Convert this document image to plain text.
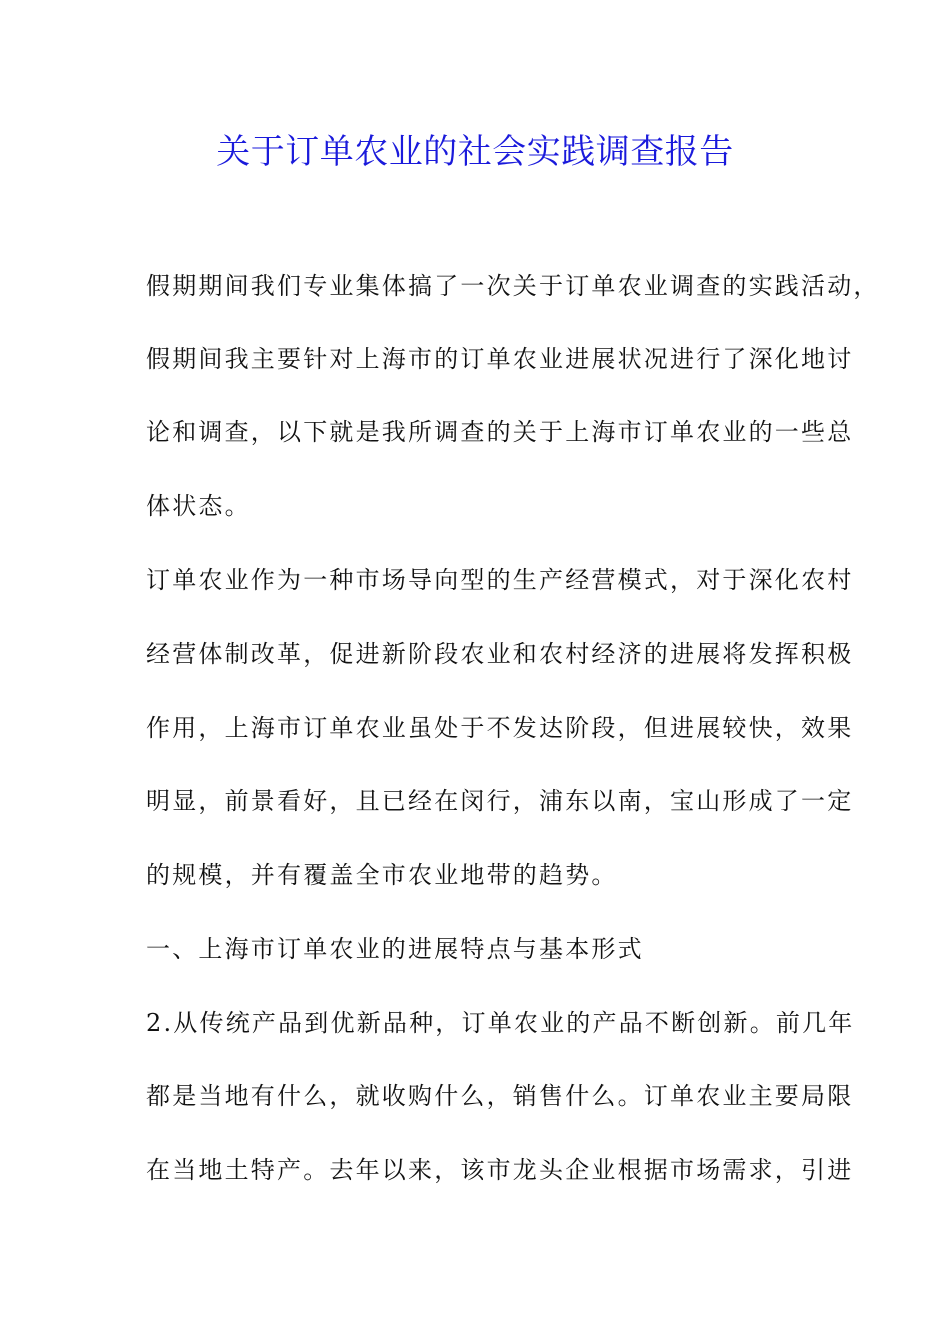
关于订单农业的社会实践调查报告
假期期间我们专业集体搞了一次关于订单农业调查的实践活动，
假期间我主要针对上海市的订单农业进展状况进行了深化地讨
论和调查，以下就是我所调查的关于上海市订单农业的一些总
体状态。
订单农业作为一种市场导向型的生产经营模式，对于深化农村
经营体制改革，促进新阶段农业和农村经济的进展将发挥积极
作用，上海市订单农业虽处于不发达阶段，但进展较快，效果
明显，前景看好，且已经在闵行，浦东以南，宝山形成了一定
的规模，并有覆盖全市农业地带的趋势。
一、上海市订单农业的进展特点与基本形式
2.从传统产品到优新品种，订单农业的产品不断创新。前几年
都是当地有什么，就收购什么，销售什么。订单农业主要局限
在当地土特产。去年以来，该市龙头企业根据市场需求，引进
